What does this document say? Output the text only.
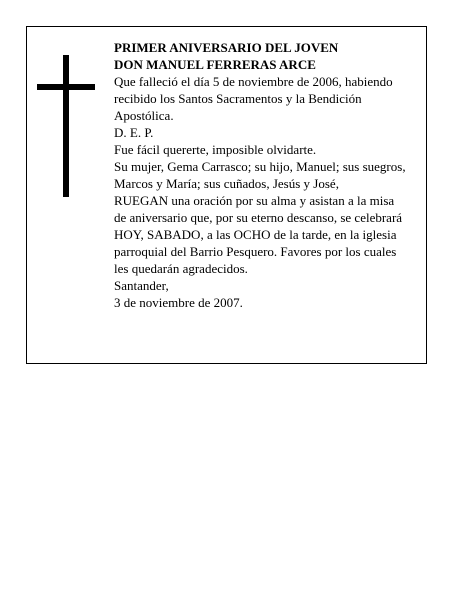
PRIMER ANIVERSARIO DEL JOVEN
DON MANUEL FERRERAS ARCE
Que falleció el día 5 de noviembre de 2006, habiendo
recibido los Santos Sacramentos y la Bendición
Apostólica.
D. E. P.
Fue fácil quererte, imposible olvidarte.
Su mujer, Gema Carrasco; su hijo, Manuel; sus suegros,
Marcos y María; sus cuñados, Jesús y José,
RUEGAN una oración por su alma y asistan a la misa
de aniversario que, por su eterno descanso, se celebrará
HOY, SABADO, a las OCHO de la tarde, en la iglesia
parroquial del Barrio Pesquero. Favores por los cuales
les quedarán agradecidos.
Santander,
3 de noviembre de 2007.
